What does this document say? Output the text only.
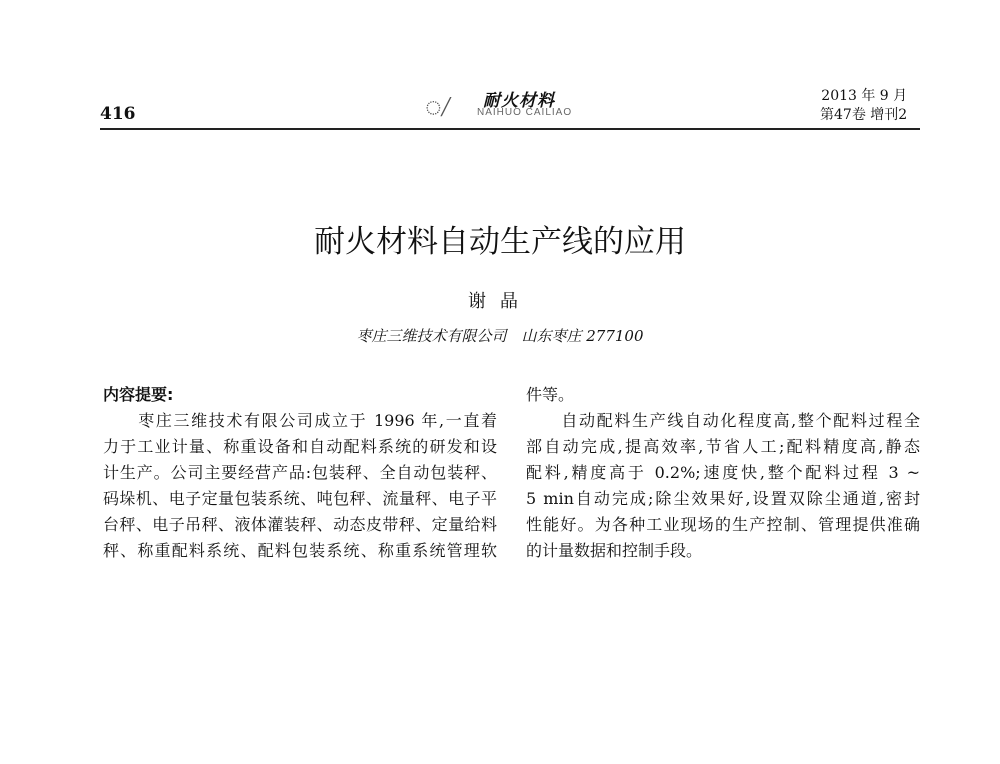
416	◌/ 耐火材料
NAIHUO CAILIAO
2013 年 9 月
第47卷 增刊2
耐火材料自动生产线的应用
谢晶
枣庄三维技术有限公司　山东枣庄 277100
内容提要:
　　枣庄三维技术有限公司成立于 1996 年,一直着
力于工业计量、称重设备和自动配料系统的研发和设
计生产。公司主要经营产品:包装秤、全自动包装秤、
码垛机、电子定量包装系统、吨包秤、流量秤、电子平
台秤、电子吊秤、液体灌装秤、动态皮带秤、定量给料
秤、称重配料系统、配料包装系统、称重系统管理软
件等。
　　自动配料生产线自动化程度高,整个配料过程全
部自动完成,提高效率,节省人工;配料精度高,静态
配料,精度高于 0.2%;速度快,整个配料过程 3 ~
5 min自动完成;除尘效果好,设置双除尘通道,密封
性能好。为各种工业现场的生产控制、管理提供准确
的计量数据和控制手段。
